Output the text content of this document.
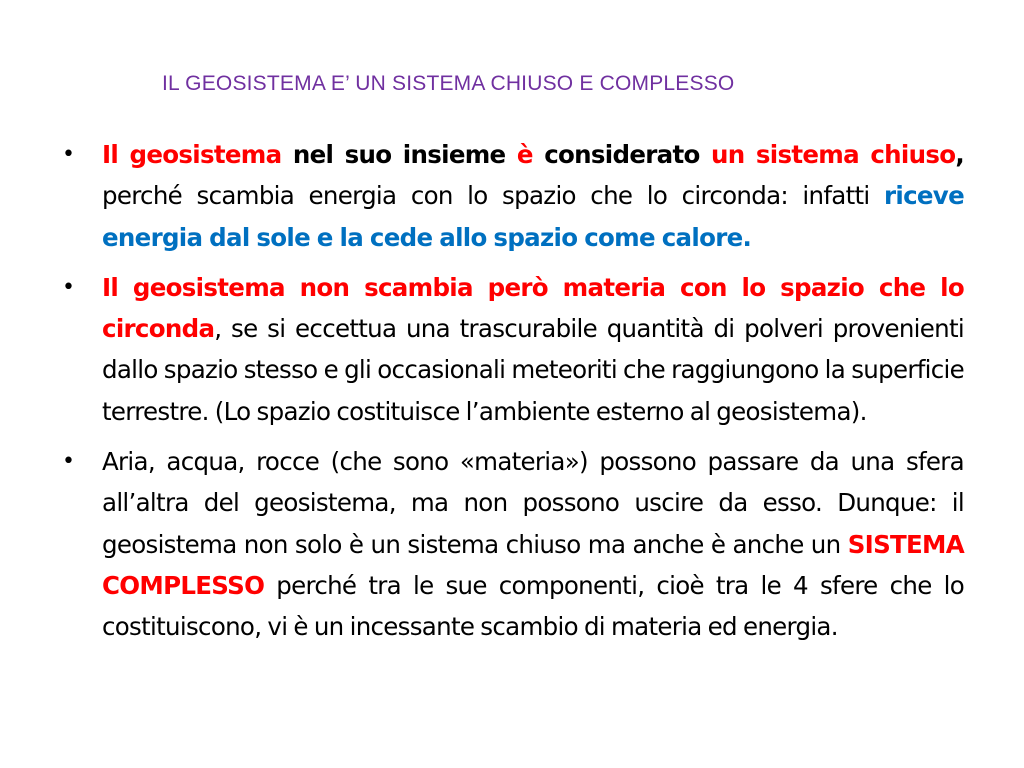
IL GEOSISTEMA E’ UN SISTEMA CHIUSO E COMPLESSO
• Il geosistema nel suo insieme è considerato un sistema chiuso, perché scambia energia con lo spazio che lo circonda: infatti riceve energia dal sole e la cede allo spazio come calore.
• Il geosistema non scambia però materia con lo spazio che lo circonda, se si eccettua una trascurabile quantità di polveri provenienti dallo spazio stesso e gli occasionali meteoriti che raggiungono la superficie terrestre. (Lo spazio costituisce l’ambiente esterno al geosistema).
• Aria, acqua, rocce (che sono «materia») possono passare da una sfera all’altra del geosistema, ma non possono uscire da esso. Dunque: il geosistema non solo è un sistema chiuso ma anche è anche un SISTEMA COMPLESSO perché tra le sue componenti, cioè tra le 4 sfere che lo costituiscono, vi è un incessante scambio di materia ed energia.
